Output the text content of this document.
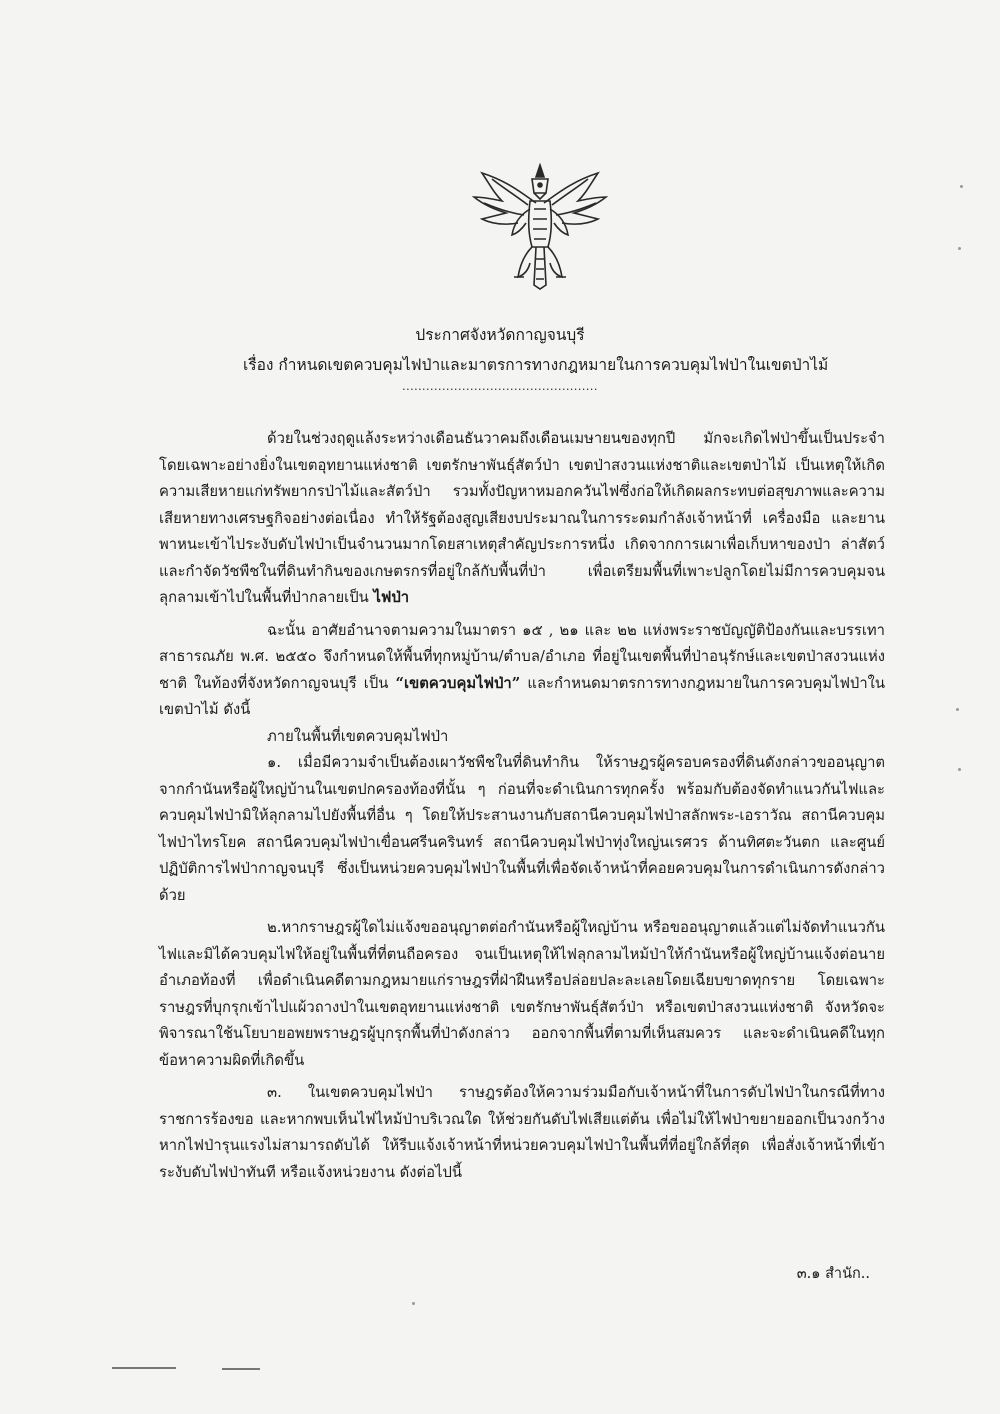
ประกาศจังหวัดกาญจนบุรี
เรื่อง กำหนดเขตควบคุมไฟป่าและมาตรการทางกฎหมายในการควบคุมไฟป่าในเขตป่าไม้
.................................................

ด้วยในช่วงฤดูแล้งระหว่างเดือนธันวาคมถึงเดือนเมษายนของทุกปี มักจะเกิดไฟป่าขึ้นเป็นประจำ โดยเฉพาะอย่างยิ่งในเขตอุทยานแห่งชาติ เขตรักษาพันธุ์สัตว์ป่า เขตป่าสงวนแห่งชาติและเขตป่าไม้ เป็นเหตุให้เกิดความเสียหายแก่ทรัพยากรป่าไม้และสัตว์ป่า รวมทั้งปัญหาหมอกควันไฟซึ่งก่อให้เกิดผลกระทบต่อสุขภาพและความเสียหายทางเศรษฐกิจอย่างต่อเนื่อง ทำให้รัฐต้องสูญเสียงบประมาณในการระดมกำลังเจ้าหน้าที่ เครื่องมือ และยานพาหนะเข้าไประงับดับไฟป่าเป็นจำนวนมากโดยสาเหตุสำคัญประการหนึ่ง เกิดจากการเผาเพื่อเก็บหาของป่า ล่าสัตว์ และกำจัดวัชพืชในที่ดินทำกินของเกษตรกรที่อยู่ใกล้กับพื้นที่ป่า เพื่อเตรียมพื้นที่เพาะปลูกโดยไม่มีการควบคุมจนลุกลามเข้าไปในพื้นที่ป่ากลายเป็น ไฟป่า

ฉะนั้น อาศัยอำนาจตามความในมาตรา ๑๕ , ๒๑ และ ๒๒ แห่งพระราชบัญญัติป้องกันและบรรเทาสาธารณภัย พ.ศ. ๒๕๕๐ จึงกำหนดให้พื้นที่ทุกหมู่บ้าน/ตำบล/อำเภอ ที่อยู่ในเขตพื้นที่ป่าอนุรักษ์และเขตป่าสงวนแห่งชาติ ในท้องที่จังหวัดกาญจนบุรี เป็น “เขตควบคุมไฟป่า” และกำหนดมาตรการทางกฎหมายในการควบคุมไฟป่าในเขตป่าไม้ ดังนี้

ภายในพื้นที่เขตควบคุมไฟป่า

๑. เมื่อมีความจำเป็นต้องเผาวัชพืชในที่ดินทำกิน ให้ราษฎรผู้ครอบครองที่ดินดังกล่าวขออนุญาตจากกำนันหรือผู้ใหญ่บ้านในเขตปกครองท้องที่นั้น ๆ ก่อนที่จะดำเนินการทุกครั้ง พร้อมกับต้องจัดทำแนวกันไฟและควบคุมไฟป่ามิให้ลุกลามไปยังพื้นที่อื่น ๆ โดยให้ประสานงานกับสถานีควบคุมไฟป่าสลักพระ-เอราวัณ สถานีควบคุมไฟป่าไทรโยค สถานีควบคุมไฟป่าเขื่อนศรีนครินทร์ สถานีควบคุมไฟป่าทุ่งใหญ่นเรศวร ด้านทิศตะวันตก และศูนย์ปฏิบัติการไฟป่ากาญจนบุรี ซึ่งเป็นหน่วยควบคุมไฟป่าในพื้นที่เพื่อจัดเจ้าหน้าที่คอยควบคุมในการดำเนินการดังกล่าวด้วย

๒.หากราษฎรผู้ใดไม่แจ้งขออนุญาตต่อกำนันหรือผู้ใหญ่บ้าน หรือขออนุญาตแล้วแต่ไม่จัดทำแนวกันไฟและมิได้ควบคุมไฟให้อยู่ในพื้นที่ที่ตนถือครอง จนเป็นเหตุให้ไฟลุกลามไหม้ป่าให้กำนันหรือผู้ใหญ่บ้านแจ้งต่อนายอำเภอท้องที่ เพื่อดำเนินคดีตามกฎหมายแก่ราษฎรที่ฝ่าฝืนหรือปล่อยปละละเลยโดยเฉียบขาดทุกราย โดยเฉพาะราษฎรที่บุกรุกเข้าไปแผ้วถางป่าในเขตอุทยานแห่งชาติ เขตรักษาพันธุ์สัตว์ป่า หรือเขตป่าสงวนแห่งชาติ จังหวัดจะพิจารณาใช้นโยบายอพยพราษฎรผู้บุกรุกพื้นที่ป่าดังกล่าว ออกจากพื้นที่ตามที่เห็นสมควร และจะดำเนินคดีในทุกข้อหาความผิดที่เกิดขึ้น

๓. ในเขตควบคุมไฟป่า ราษฎรต้องให้ความร่วมมือกับเจ้าหน้าที่ในการดับไฟป่าในกรณีที่ทางราชการร้องขอ และหากพบเห็นไฟไหม้ป่าบริเวณใด ให้ช่วยกันดับไฟเสียแต่ต้น เพื่อไม่ให้ไฟป่าขยายออกเป็นวงกว้าง หากไฟป่ารุนแรงไม่สามารถดับได้ ให้รีบแจ้งเจ้าหน้าที่หน่วยควบคุมไฟป่าในพื้นที่ที่อยู่ใกล้ที่สุด เพื่อสั่งเจ้าหน้าที่เข้าระงับดับไฟป่าทันที หรือแจ้งหน่วยงาน ดังต่อไปนี้

๓.๑ สำนัก..
